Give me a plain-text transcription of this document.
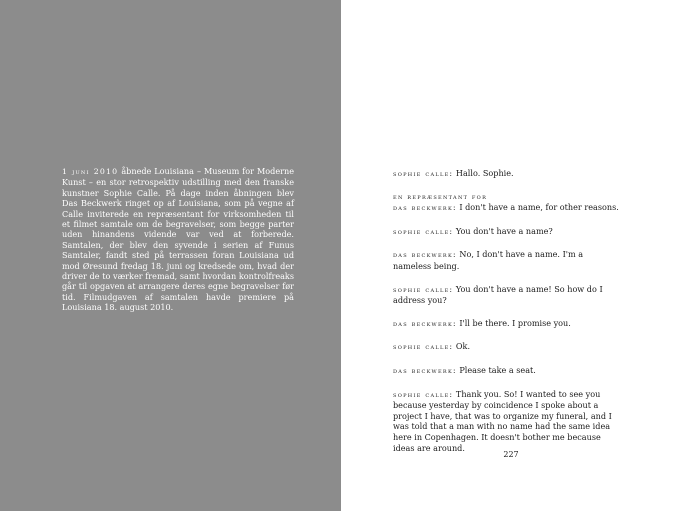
1 juni 2010 åbnede Louisiana – Museum for Moderne Kunst – en stor retrospektiv udstilling med den franske kunstner Sophie Calle. På dage inden åbningen blev Das Beckwerk ringet op af Louisiana, som på vegne af Calle inviterede en repræsentant for virksomheden til et filmet samtale om de begravelser, som begge parter uden hinandens vidende var ved at forberede. Samtalen, der blev den syvende i serien af Funus Samtaler, fandt sted på terrassen foran Louisiana ud mod Øresund fredag 18. juni og kredsede om, hvad der driver de to værker fremad, samt hvordan kontrolfreaks går til opgaven at arrangere deres egne begravelser før tid. Filmudgaven af samtalen havde premiere på Louisiana 18. august 2010.

sophie calle: Hallo. Sophie.

en repræsentant for
das beckwerk: I don't have a name, for other reasons.

sophie calle: You don't have a name?

das beckwerk: No, I don't have a name. I'm a nameless being.

sophie calle: You don't have a name! So how do I address you?

das beckwerk: I'll be there. I promise you.

sophie calle: Ok.

das beckwerk: Please take a seat.

sophie calle: Thank you. So! I wanted to see you because yesterday by coincidence I spoke about a project I have, that was to organize my funeral, and I was told that a man with no name had the same idea here in Copenhagen. It doesn't bother me because ideas are around.

227
